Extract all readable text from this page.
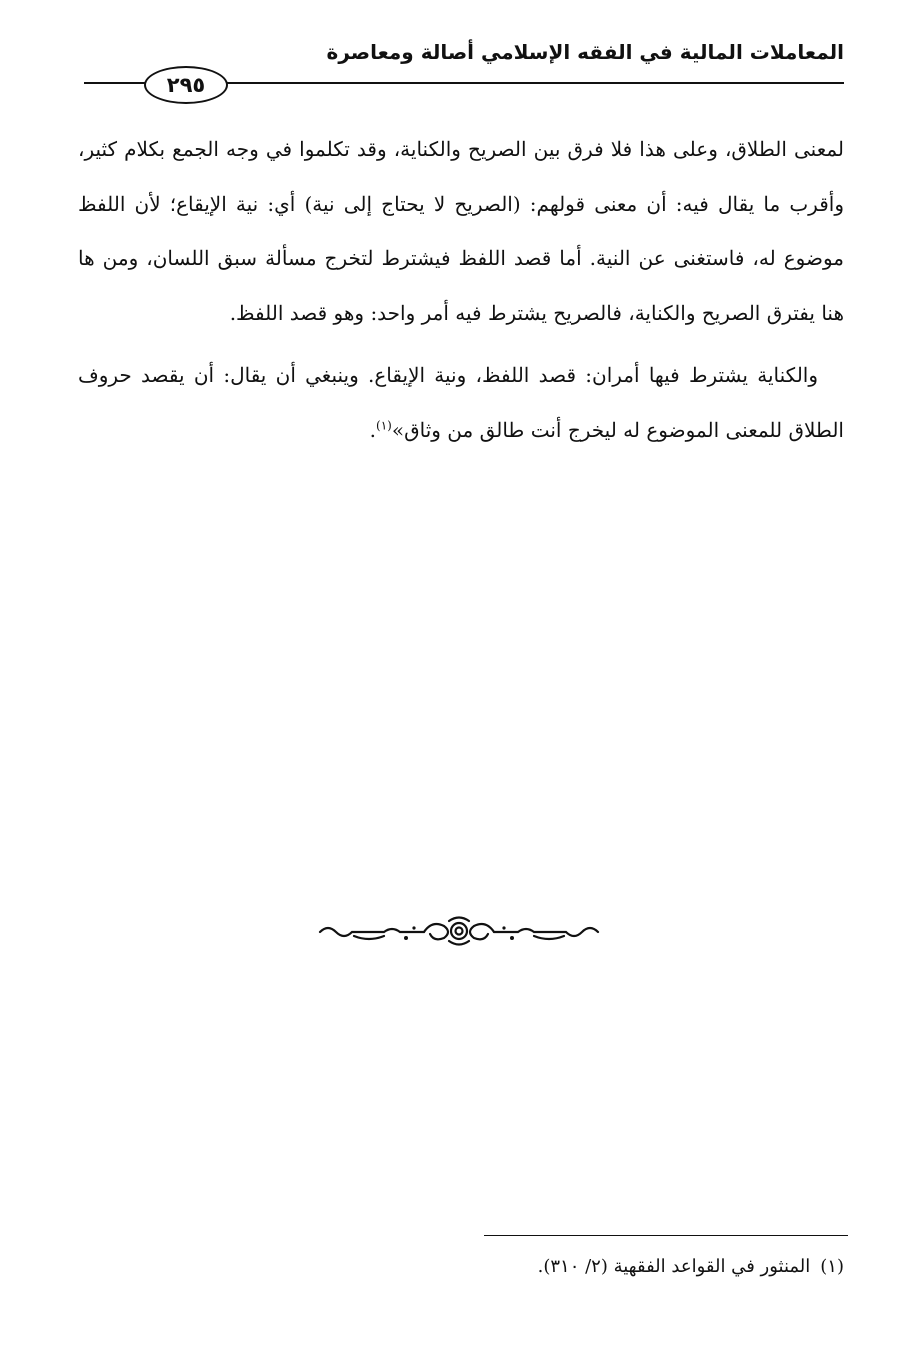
المعاملات المالية في الفقه الإسلامي أصالة ومعاصرة
٢٩٥

لمعنى الطلاق، وعلى هذا فلا فرق بين الصريح والكناية، وقد تكلموا في وجه الجمع بكلام كثير، وأقرب ما يقال فيه: أن معنى قولهم: (الصريح لا يحتاج إلى نية) أي: نية الإيقاع؛ لأن اللفظ موضوع له، فاستغنى عن النية. أما قصد اللفظ فيشترط لتخرج مسألة سبق اللسان، ومن ها هنا يفترق الصريح والكناية، فالصريح يشترط فيه أمر واحد: وهو قصد اللفظ.

والكناية يشترط فيها أمران: قصد اللفظ، ونية الإيقاع. وينبغي أن يقال: أن يقصد حروف الطلاق للمعنى الموضوع له ليخرج أنت طالق من وثاق»$^{(١)}$.

(١)المنثور في القواعد الفقهية (٢/ ٣١٠).
